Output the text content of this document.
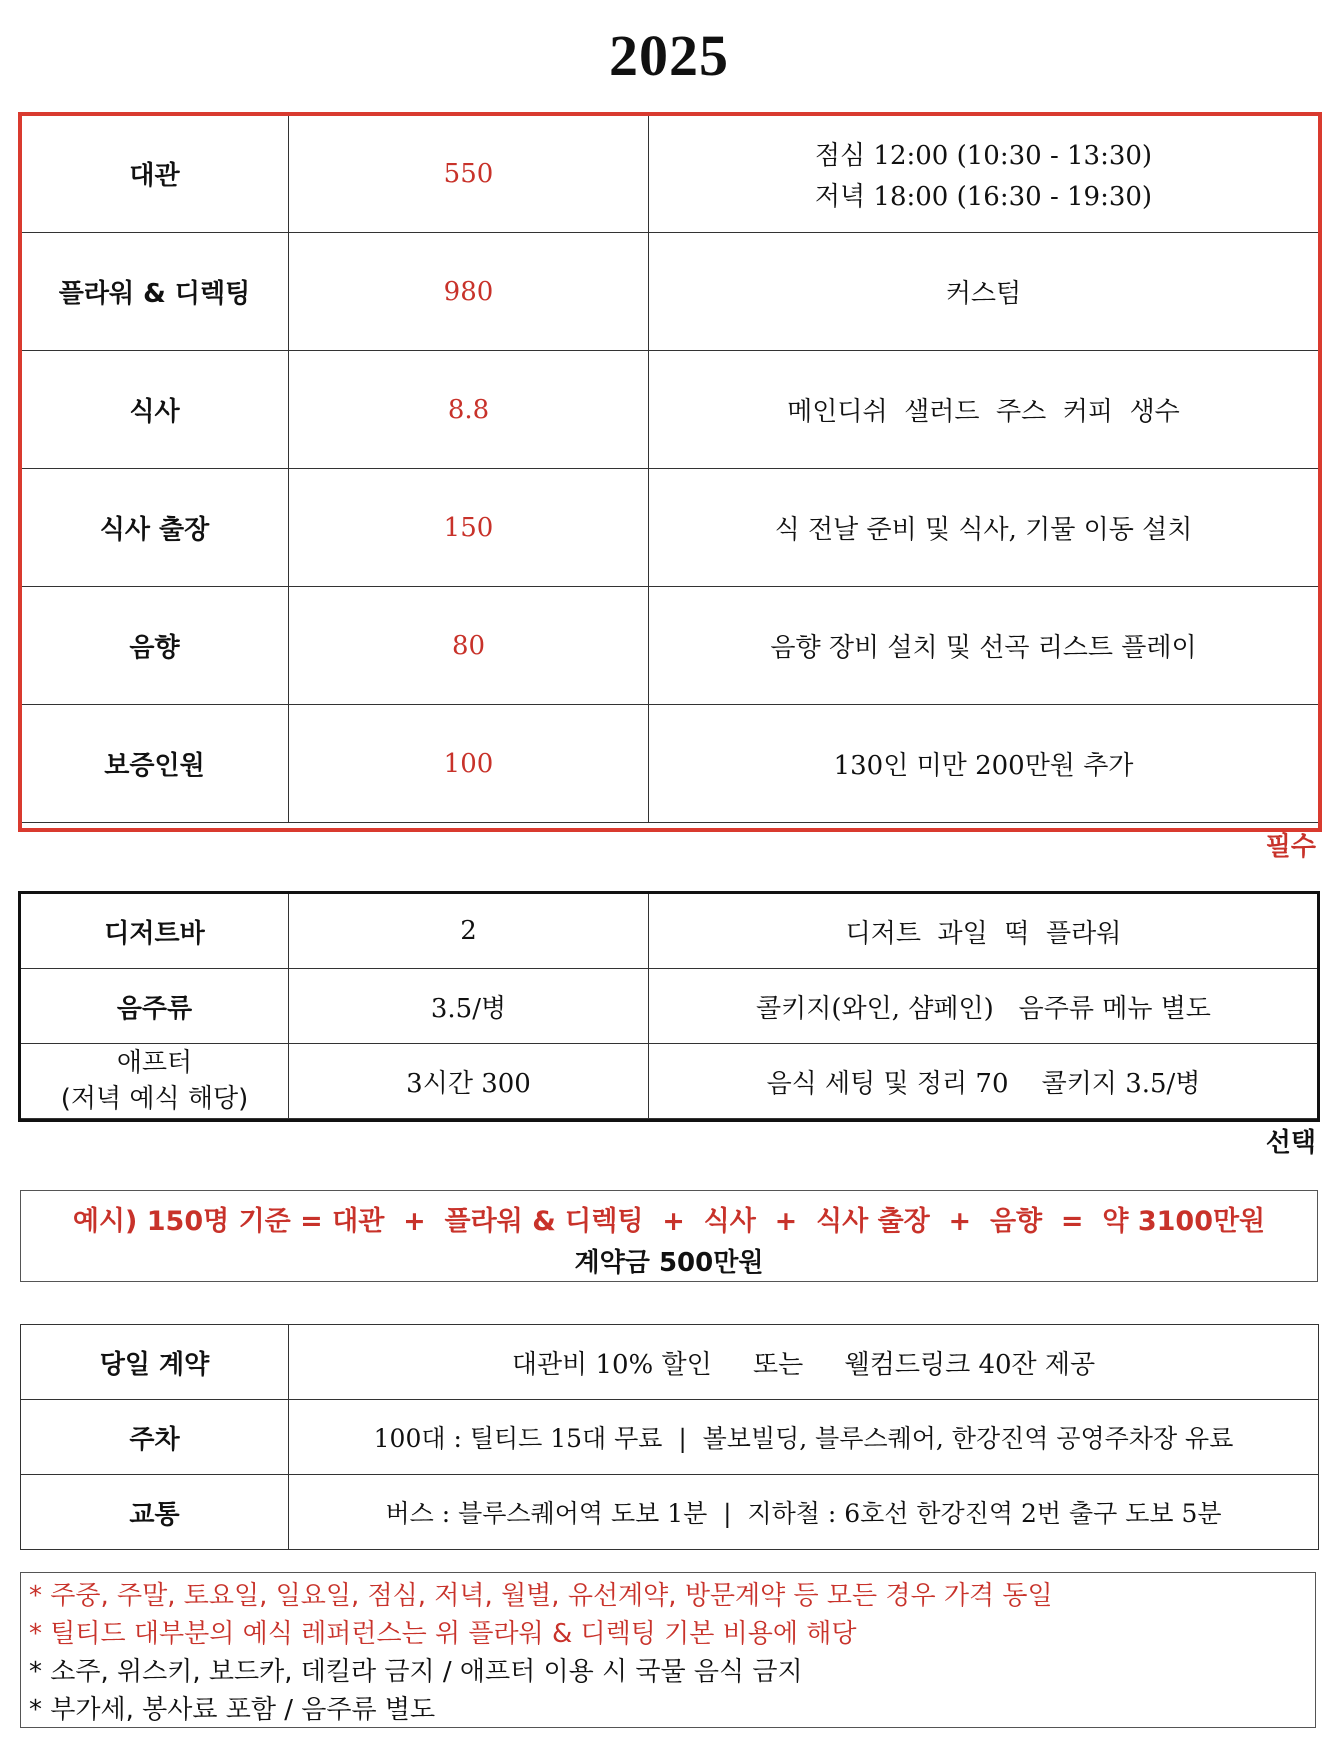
2025
대관	550	점심 12:00 (10:30 - 13:30)
저녁 18:00 (16:30 - 19:30)

플라워 & 디렉팅	980	커스텀
식사	8.8	메인디쉬  샐러드  주스  커피  생수
식사 출장	150	식 전날 준비 및 식사, 기물 이동 설치
음향	80	음향 장비 설치 및 선곡 리스트 플레이
보증인원	100	130인 미만 200만원 추가
필수
디저트바	2	디저트  과일  떡  플라워
음주류	3.5/병	콜키지(와인, 샴페인)   음주류 메뉴 별도

애프터
(저녁 예식 해당)	3시간 300	음식 세팅 및 정리 70    콜키지 3.5/병
선택
예시) 150명 기준 = 대관  +  플라워 & 디렉팅  +  식사  +  식사 출장  +  음향  =  약 3100만원
계약금 500만원
당일 계약	대관비 10% 할인     또는     웰컴드링크 40잔 제공
주차	100대 : 틸티드 15대 무료  |  볼보빌딩, 블루스퀘어, 한강진역 공영주차장 유료
교통	버스 : 블루스퀘어역 도보 1분  |  지하철 : 6호선 한강진역 2번 출구 도보 5분
* 주중, 주말, 토요일, 일요일, 점심, 저녁, 월별, 유선계약, 방문계약 등 모든 경우 가격 동일
* 틸티드 대부분의 예식 레퍼런스는 위 플라워 & 디렉팅 기본 비용에 해당
* 소주, 위스키, 보드카, 데킬라 금지 / 애프터 이용 시 국물 음식 금지
* 부가세, 봉사료 포함 / 음주류 별도
